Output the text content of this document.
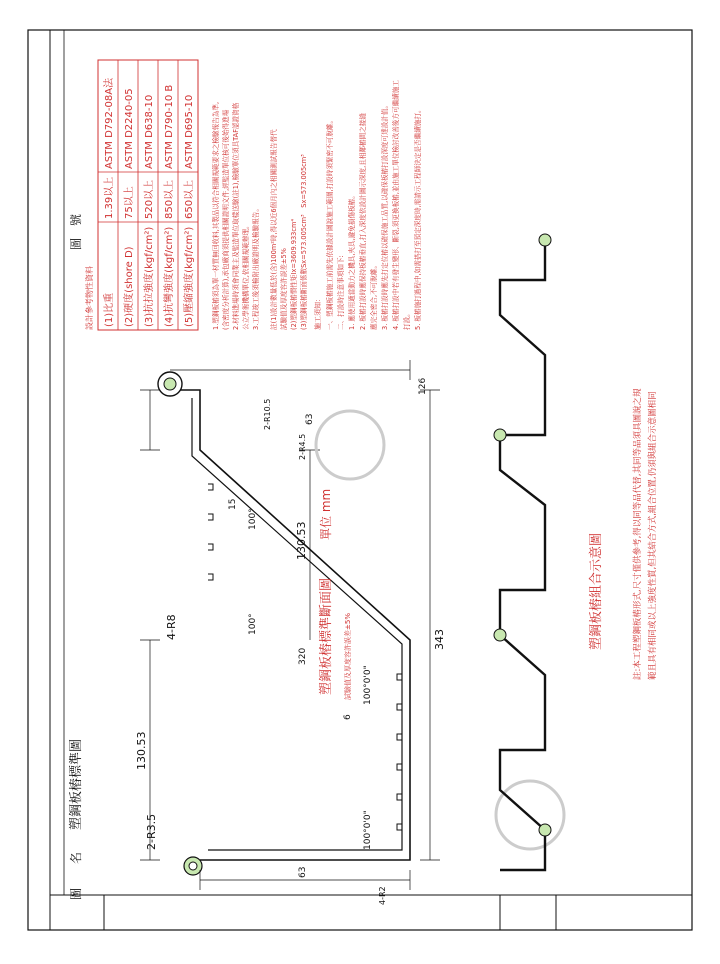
圖　　名
塑鋼板樁標準圖
圖　號
設計參考物性資料 (1)比重
1.39以上
ASTM D792-08A法
(2)硬度(shore D)
75以上
ASTM D2240-05
(3)抗拉強度(kgf/cm²)
520以上
ASTM D638-10
(4)抗彎強度(kgf/cm²)
850以上
ASTM D790-10 B
(5)壓縮強度(kgf/cm²)
650以上
ASTM D695-10	1.塑鋼板樁須為單一材質無回收料,其製品以符合相關規範要求之檢驗報告為準, (含密度分析計算),承包廠商須提供相關證明文件,經監造單位核可後始得進場 2.材料進場時須會同業主及監造單位取樣送驗(註1),檢驗單位須具TAF認證資格 公立學術機構單位,依相關規範辦理。 3.工程竣工後須檢附出廠證明及檢驗報告。 註(1)設計數量低於(含)100m²時,得以近6個月內之相關測試報告替代 試驗值及厚度容許誤差±5% (2)塑鋼板樁慣性矩Ix=3609.933cm⁴ (3)塑鋼板樁斷面係數Sx=573.005cm³　Sx=573.005cm³ 施工須知： 一、塑鋼板樁施工前需先依據設計圖說施工範圍,打設時須緊密不可脫離。 二、打設時注意事項如下: 1. 應使用適當動力之機具,夾具,避免損傷板樁。 2. 板樁打設時應保持板樁垂直,打入深度依設計圖示深度,且相鄰樁間之接縫 應完全密合,不可脫離。 3. 板樁打設時應先打定位樁以確保施工品質,以確保板樁打設深度可達設計值。 4. 板樁打設中若有發生變形、斷裂,須更換板樁,並由施工單位檢討改善後方可繼續施工 打設。 5. 板樁施打過程中,如需搭打至預定深度時,需請示工程師決定是否繼續施打。
63
126
63
130.53
130.53
320
343
15
6
4-R8
2-R3.5
2-R10.5
2-R4.5
4-R2
100°
100°
100°0'0"
100°0'0"
塑鋼板樁標準斷面圖
單位 mm
試驗值及厚度容許誤差±5%
塑鋼板樁組合示意圖	註:本工程塑鋼板樁形式,尺寸僅供參考,得以同等品代替,其同等品須具圖說之規 範且具有相同或以上強度性質,但其結合方式,組合位置,仍須與組合示意圖相同
